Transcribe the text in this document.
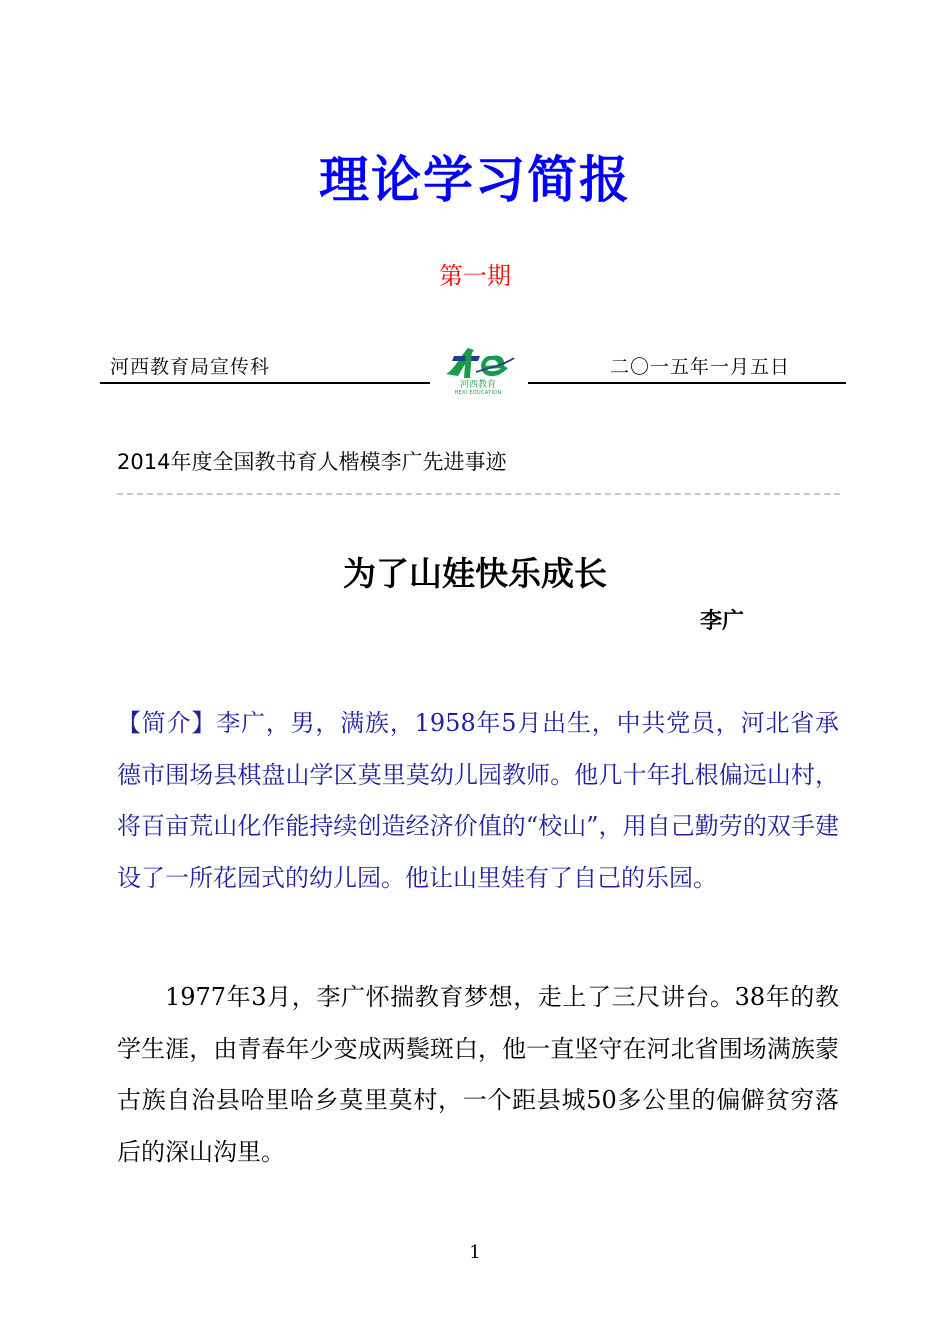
理论学习简报
第一期
河西教育局宣传科	二〇一五年一月五日
河西教育
HEXI EDUCATION
2014年度全国教书育人楷模李广先进事迹
为了山娃快乐成长
李广

【简介】李广，男，满族，1958年5月出生，中共党员，河北省承德市围场县棋盘山学区莫里莫幼儿园教师。他几十年扎根偏远山村，将百亩荒山化作能持续创造经济价值的“校山”，用自己勤劳的双手建设了一所花园式的幼儿园。他让山里娃有了自己的乐园。

1977年3月，李广怀揣教育梦想，走上了三尺讲台。38年的教学生涯，由青春年少变成两鬓斑白，他一直坚守在河北省围场满族蒙古族自治县哈里哈乡莫里莫村，一个距县城50多公里的偏僻贫穷落后的深山沟里。

1
